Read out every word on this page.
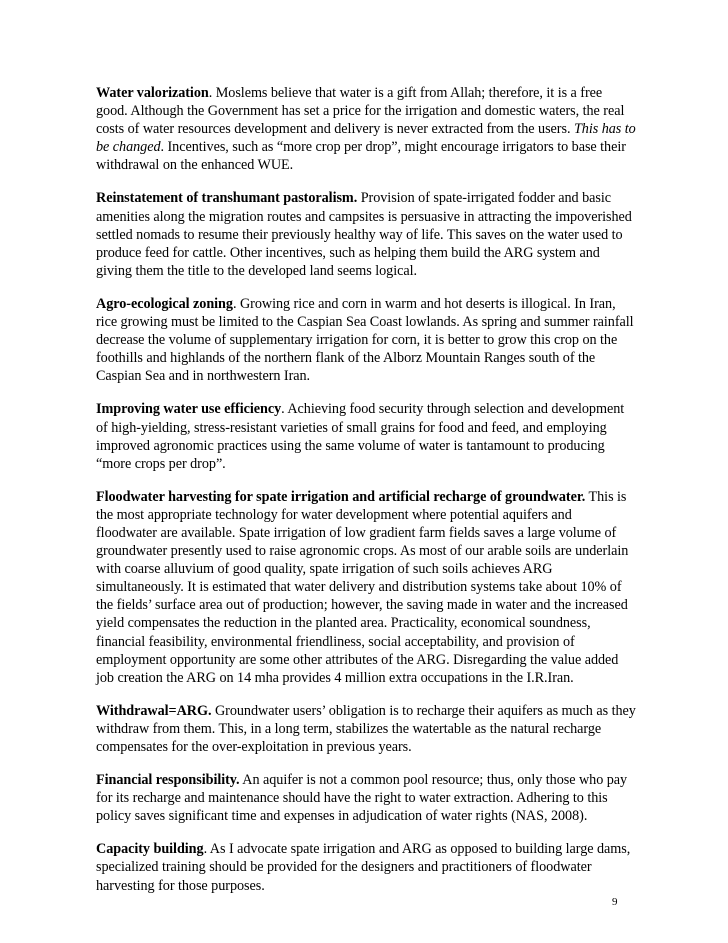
Water valorization. Moslems believe that water is a gift from Allah; therefore, it is a free good. Although the Government has set a price for the irrigation and domestic waters, the real costs of water resources development and delivery is never extracted from the users. This has to be changed. Incentives, such as “more crop per drop”, might encourage irrigators to base their withdrawal on the enhanced WUE.

Reinstatement of transhumant pastoralism. Provision of spate-irrigated fodder and basic amenities along the migration routes and campsites is persuasive in attracting the impoverished settled nomads to resume their previously healthy way of life. This saves on the water used to produce feed for cattle. Other incentives, such as helping them build the ARG system and giving them the title to the developed land seems logical.

Agro-ecological zoning. Growing rice and corn in warm and hot deserts is illogical. In Iran, rice growing must be limited to the Caspian Sea Coast lowlands. As spring and summer rainfall decrease the volume of supplementary irrigation for corn, it is better to grow this crop on the foothills and highlands of the northern flank of the Alborz Mountain Ranges south of the Caspian Sea and in northwestern Iran.

Improving water use efficiency. Achieving food security through selection and development of high-yielding, stress-resistant varieties of small grains for food and feed, and employing improved agronomic practices using the same volume of water is tantamount to producing “more crops per drop”.

Floodwater harvesting for spate irrigation and artificial recharge of groundwater. This is the most appropriate technology for water development where potential aquifers and floodwater are available. Spate irrigation of low gradient farm fields saves a large volume of groundwater presently used to raise agronomic crops. As most of our arable soils are underlain with coarse alluvium of good quality, spate irrigation of such soils achieves ARG simultaneously. It is estimated that water delivery and distribution systems take about 10% of the fields’ surface area out of production; however, the saving made in water and the increased yield compensates the reduction in the planted area. Practicality, economical soundness, financial feasibility, environmental friendliness, social acceptability, and provision of employment opportunity are some other attributes of the ARG. Disregarding the value added job creation the ARG on 14 mha provides 4 million extra occupations in the I.R.Iran.

Withdrawal=ARG. Groundwater users’ obligation is to recharge their aquifers as much as they withdraw from them. This, in a long term, stabilizes the watertable as the natural recharge compensates for the over-exploitation in previous years.

Financial responsibility. An aquifer is not a common pool resource; thus, only those who pay for its recharge and maintenance should have the right to water extraction. Adhering to this policy saves significant time and expenses in adjudication of water rights (NAS, 2008).

Capacity building. As I advocate spate irrigation and ARG as opposed to building large dams, specialized training should be provided for the designers and practitioners of floodwater harvesting for those purposes.

9
